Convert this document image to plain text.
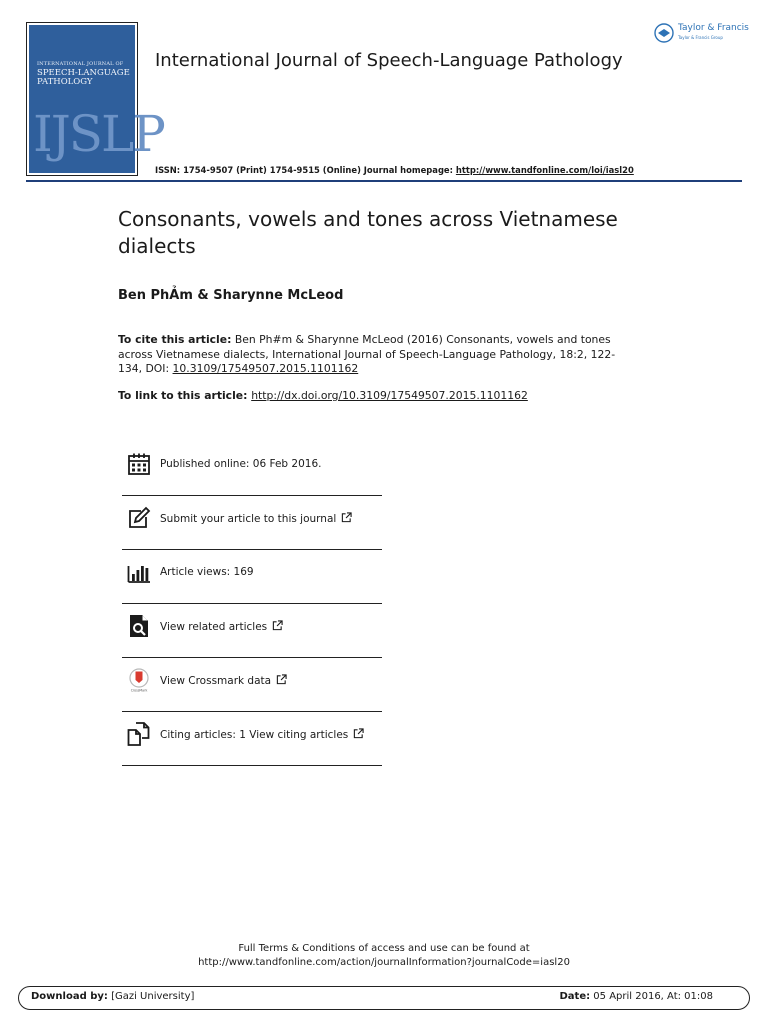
INTERNATIONAL JOURNAL OF
SPEECH-LANGUAGE
PATHOLOGY
IJSLP
International Journal of Speech-Language Pathology
Taylor & Francis
Taylor & Francis Group
ISSN: 1754-9507 (Print) 1754-9515 (Online) Journal homepage: http://www.tandfonline.com/loi/iasl20
Consonants, vowels and tones across Vietnamese dialects
Ben PhẢm & Sharynne McLeod
To cite this article: Ben Ph#m & Sharynne McLeod (2016) Consonants, vowels and tones across Vietnamese dialects, International Journal of Speech-Language Pathology, 18:2, 122-134, DOI: 10.3109/17549507.2015.1101162
To link to this article: http://dx.doi.org/10.3109/17549507.2015.1101162
Published online: 06 Feb 2016.
Submit your article to this journal
Article views: 169
View related articles
CrossMark
View Crossmark data
Citing articles: 1 View citing articles
Full Terms & Conditions of access and use can be found at
http://www.tandfonline.com/action/journalInformation?journalCode=iasl20
Download by: [Gazi University]	Date: 05 April 2016, At: 01:08
